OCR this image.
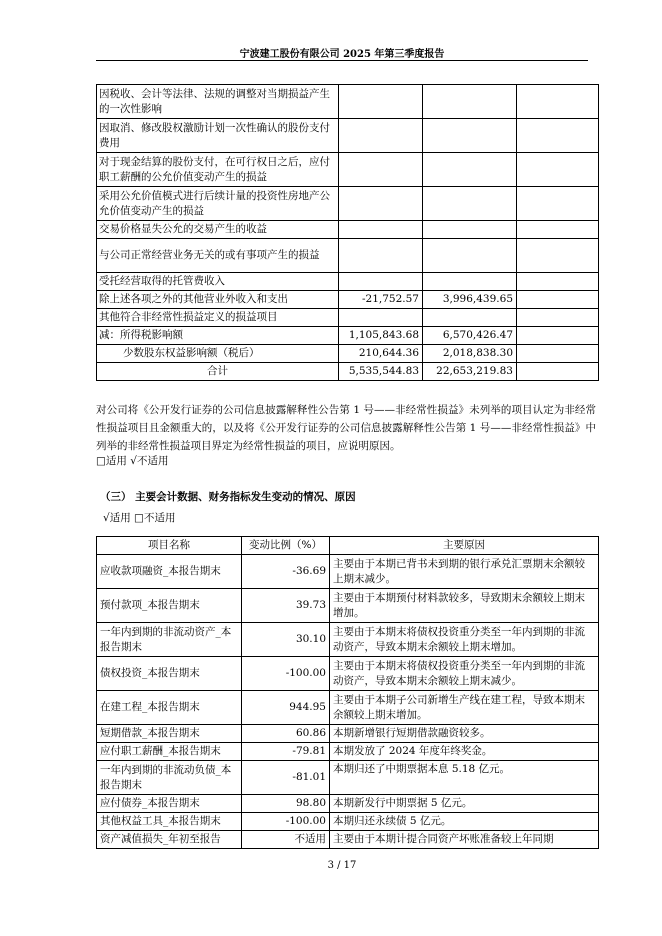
宁波建工股份有限公司 2025 年第三季度报告
因税收、会计等法律、法规的调整对当期损益产生的一次性影响			
因取消、修改股权激励计划一次性确认的股份支付费用			
对于现金结算的股份支付，在可行权日之后，应付职工薪酬的公允价值变动产生的损益			
采用公允价值模式进行后续计量的投资性房地产公允价值变动产生的损益			
交易价格显失公允的交易产生的收益			
与公司正常经营业务无关的或有事项产生的损益			
受托经营取得的托管费收入			
除上述各项之外的其他营业外收入和支出	-21,752.57	3,996,439.65	
其他符合非经常性损益定义的损益项目			
减：所得税影响额	1,105,843.68	6,570,426.47	
少数股东权益影响额（税后）	210,644.36	2,018,838.30	
合计	5,535,544.83	22,653,219.83	
对公司将《公开发行证券的公司信息披露解释性公告第 1 号——非经常性损益》未列举的项目认定为非经常性损益项目且金额重大的，以及将《公开发行证券的公司信息披露解释性公告第 1 号——非经常性损益》中列举的非经常性损益项目界定为经常性损益的项目，应说明原因。
□适用 √不适用
（三） 主要会计数据、财务指标发生变动的情况、原因
√适用 □不适用
项目名称	变动比例（%）	主要原因
应收款项融资_本报告期末	-36.69	主要由于本期已背书未到期的银行承兑汇票期末余额较上期末减少。
预付款项_本报告期末	39.73	主要由于本期预付材料款较多，导致期末余额较上期末增加。
一年内到期的非流动资产_本报告期末	30.10	主要由于本期末将债权投资重分类至一年内到期的非流动资产，导致本期末余额较上期末增加。
债权投资_本报告期末	-100.00	主要由于本期末将债权投资重分类至一年内到期的非流动资产，导致本期末余额较上期末减少。
在建工程_本报告期末	944.95	主要由于本期子公司新增生产线在建工程，导致本期末余额较上期末增加。
短期借款_本报告期末	60.86	本期新增银行短期借款融资较多。
应付职工薪酬_本报告期末	-79.81	本期发放了 2024 年度年终奖金。
一年内到期的非流动负债_本报告期末	-81.01	本期归还了中期票据本息 5.18 亿元。
应付债券_本报告期末	98.80	本期新发行中期票据 5 亿元。
其他权益工具_本报告期末	-100.00	本期归还永续债 5 亿元。
资产减值损失_年初至报告	不适用	主要由于本期计提合同资产坏账准备较上年同期
3 / 17
